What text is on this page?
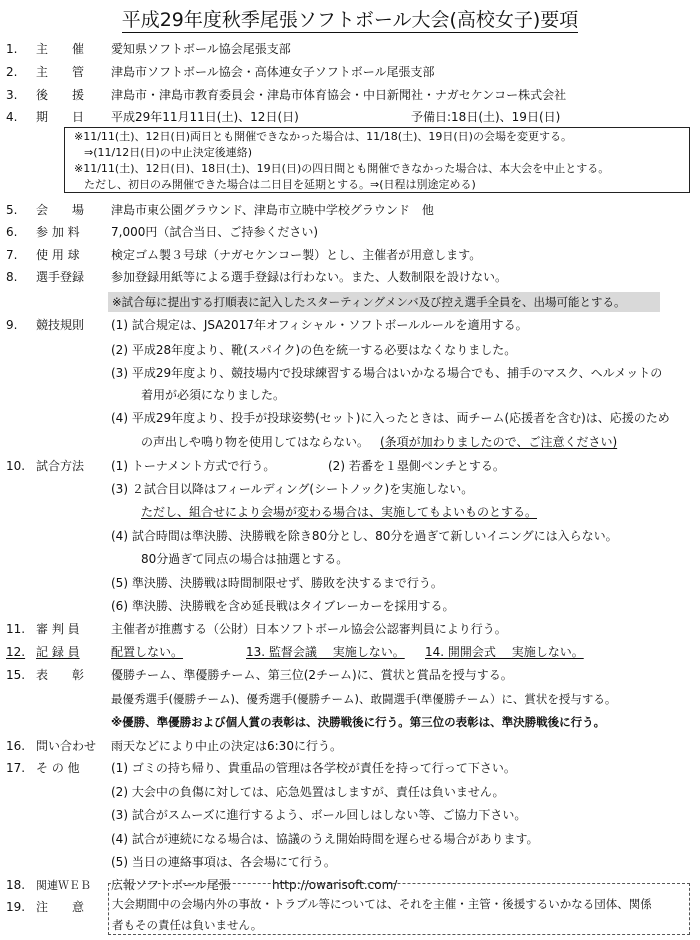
平成29年度秋季尾張ソフトボール大会(高校女子)要項
1. 主　　催 愛知県ソフトボール協会尾張支部
2. 主　　管 津島市ソフトボール協会・高体連女子ソフトボール尾張支部
3. 後　　援 津島市・津島市教育委員会・津島市体育協会・中日新聞社・ナガセケンコー株式会社
4. 期　　日 平成29年11月11日(土)、12日(日)	予備日:18日(土)、19日(日)
※11/11(土)、12日(日)両日とも開催できなかった場合は、11/18(土)、19日(日)の会場を変更する。
⇒(11/12日(日)の中止決定後連絡)
※11/11(土)、12日(日)、18日(土)、19日(日)の四日間とも開催できなかった場合は、本大会を中止とする。
ただし、初日のみ開催できた場合は二日目を延期とする。⇒(日程は別途定める)
5. 会　　場 津島市東公園グラウンド、津島市立暁中学校グラウンド　他
6. 参 加 料	7,000円（試合当日、ご持参ください)
7. 使 用 球	検定ゴム製３号球（ナガセケンコー製）とし、主催者が用意します。
8. 選手登録 参加登録用紙等による選手登録は行わない。また、人数制限を設けない。
※試合毎に提出する打順表に記入したスターティングメンバ及び控え選手全員を、出場可能とする。
9. 競技規則 (1) 試合規定は、JSA2017年オフィシャル・ソフトボールルールを適用する。
(2) 平成28年度より、靴(スパイク)の色を統一する必要はなくなりました。
(3) 平成29年度より、競技場内で投球練習する場合はいかなる場合でも、捕手のマスク、ヘルメットの
着用が必須になりました。
(4) 平成29年度より、投手が投球姿勢(セット)に入ったときは、両チーム(応援者を含む)は、応援のため
の声出しや鳴り物を使用してはならない。 (条項が加わりましたので、ご注意ください)
10. 試合方法 (1) トーナメント方式で行う。	(2) 若番を１塁側ベンチとする。
(3) ２試合目以降はフィールディング(シートノック)を実施しない。
ただし、組合せにより会場が変わる場合は、実施してもよいものとする。
(4) 試合時間は準決勝、決勝戦を除き80分とし、80分を過ぎて新しいイニングには入らない。
80分過ぎて同点の場合は抽選とする。
(5) 準決勝、決勝戦は時間制限せず、勝敗を決するまで行う。
(6) 準決勝、決勝戦を含め延長戦はタイブレーカーを採用する。
11. 審 判 員	主催者が推薦する（公財）日本ソフトボール協会公認審判員により行う。
12. 記 録 員	配置しない。	13. 監督会議　 実施しない。 14. 開開会式　 実施しない。
15. 表　　彰 優勝チーム、準優勝チーム、第三位(2チーム)に、賞状と賞品を授与する。
最優秀選手(優勝チーム)、優秀選手(優勝チーム)、敢闘選手(準優勝チーム）に、賞状を授与する。
※優勝、準優勝および個人賞の表彰は、決勝戦後に行う。第三位の表彰は、準決勝戦後に行う。
16. 問い合わせ 雨天などにより中止の決定は6:30に行う。
17. そ の 他	(1) ゴミの持ち帰り、貴重品の管理は各学校が責任を持って行って下さい。
(2) 大会中の負傷に対しては、応急処置はしますが、責任は負いません。
(3) 試合がスムーズに進行するよう、ボール回しはしない等、ご協力下さい。
(4) 試合が連続になる場合は、協議のうえ開始時間を遅らせる場合があります。
(5) 当日の連絡事項は、各会場にて行う。
18. 関連ＷＥＢ 広報ソフトボール尾張	http://owarisoft.com/
19. 注　　意 大会期間中の会場内外の事故・トラブル等については、それを主催・主管・後援するいかなる団体、関係
者もその責任は負いません。
